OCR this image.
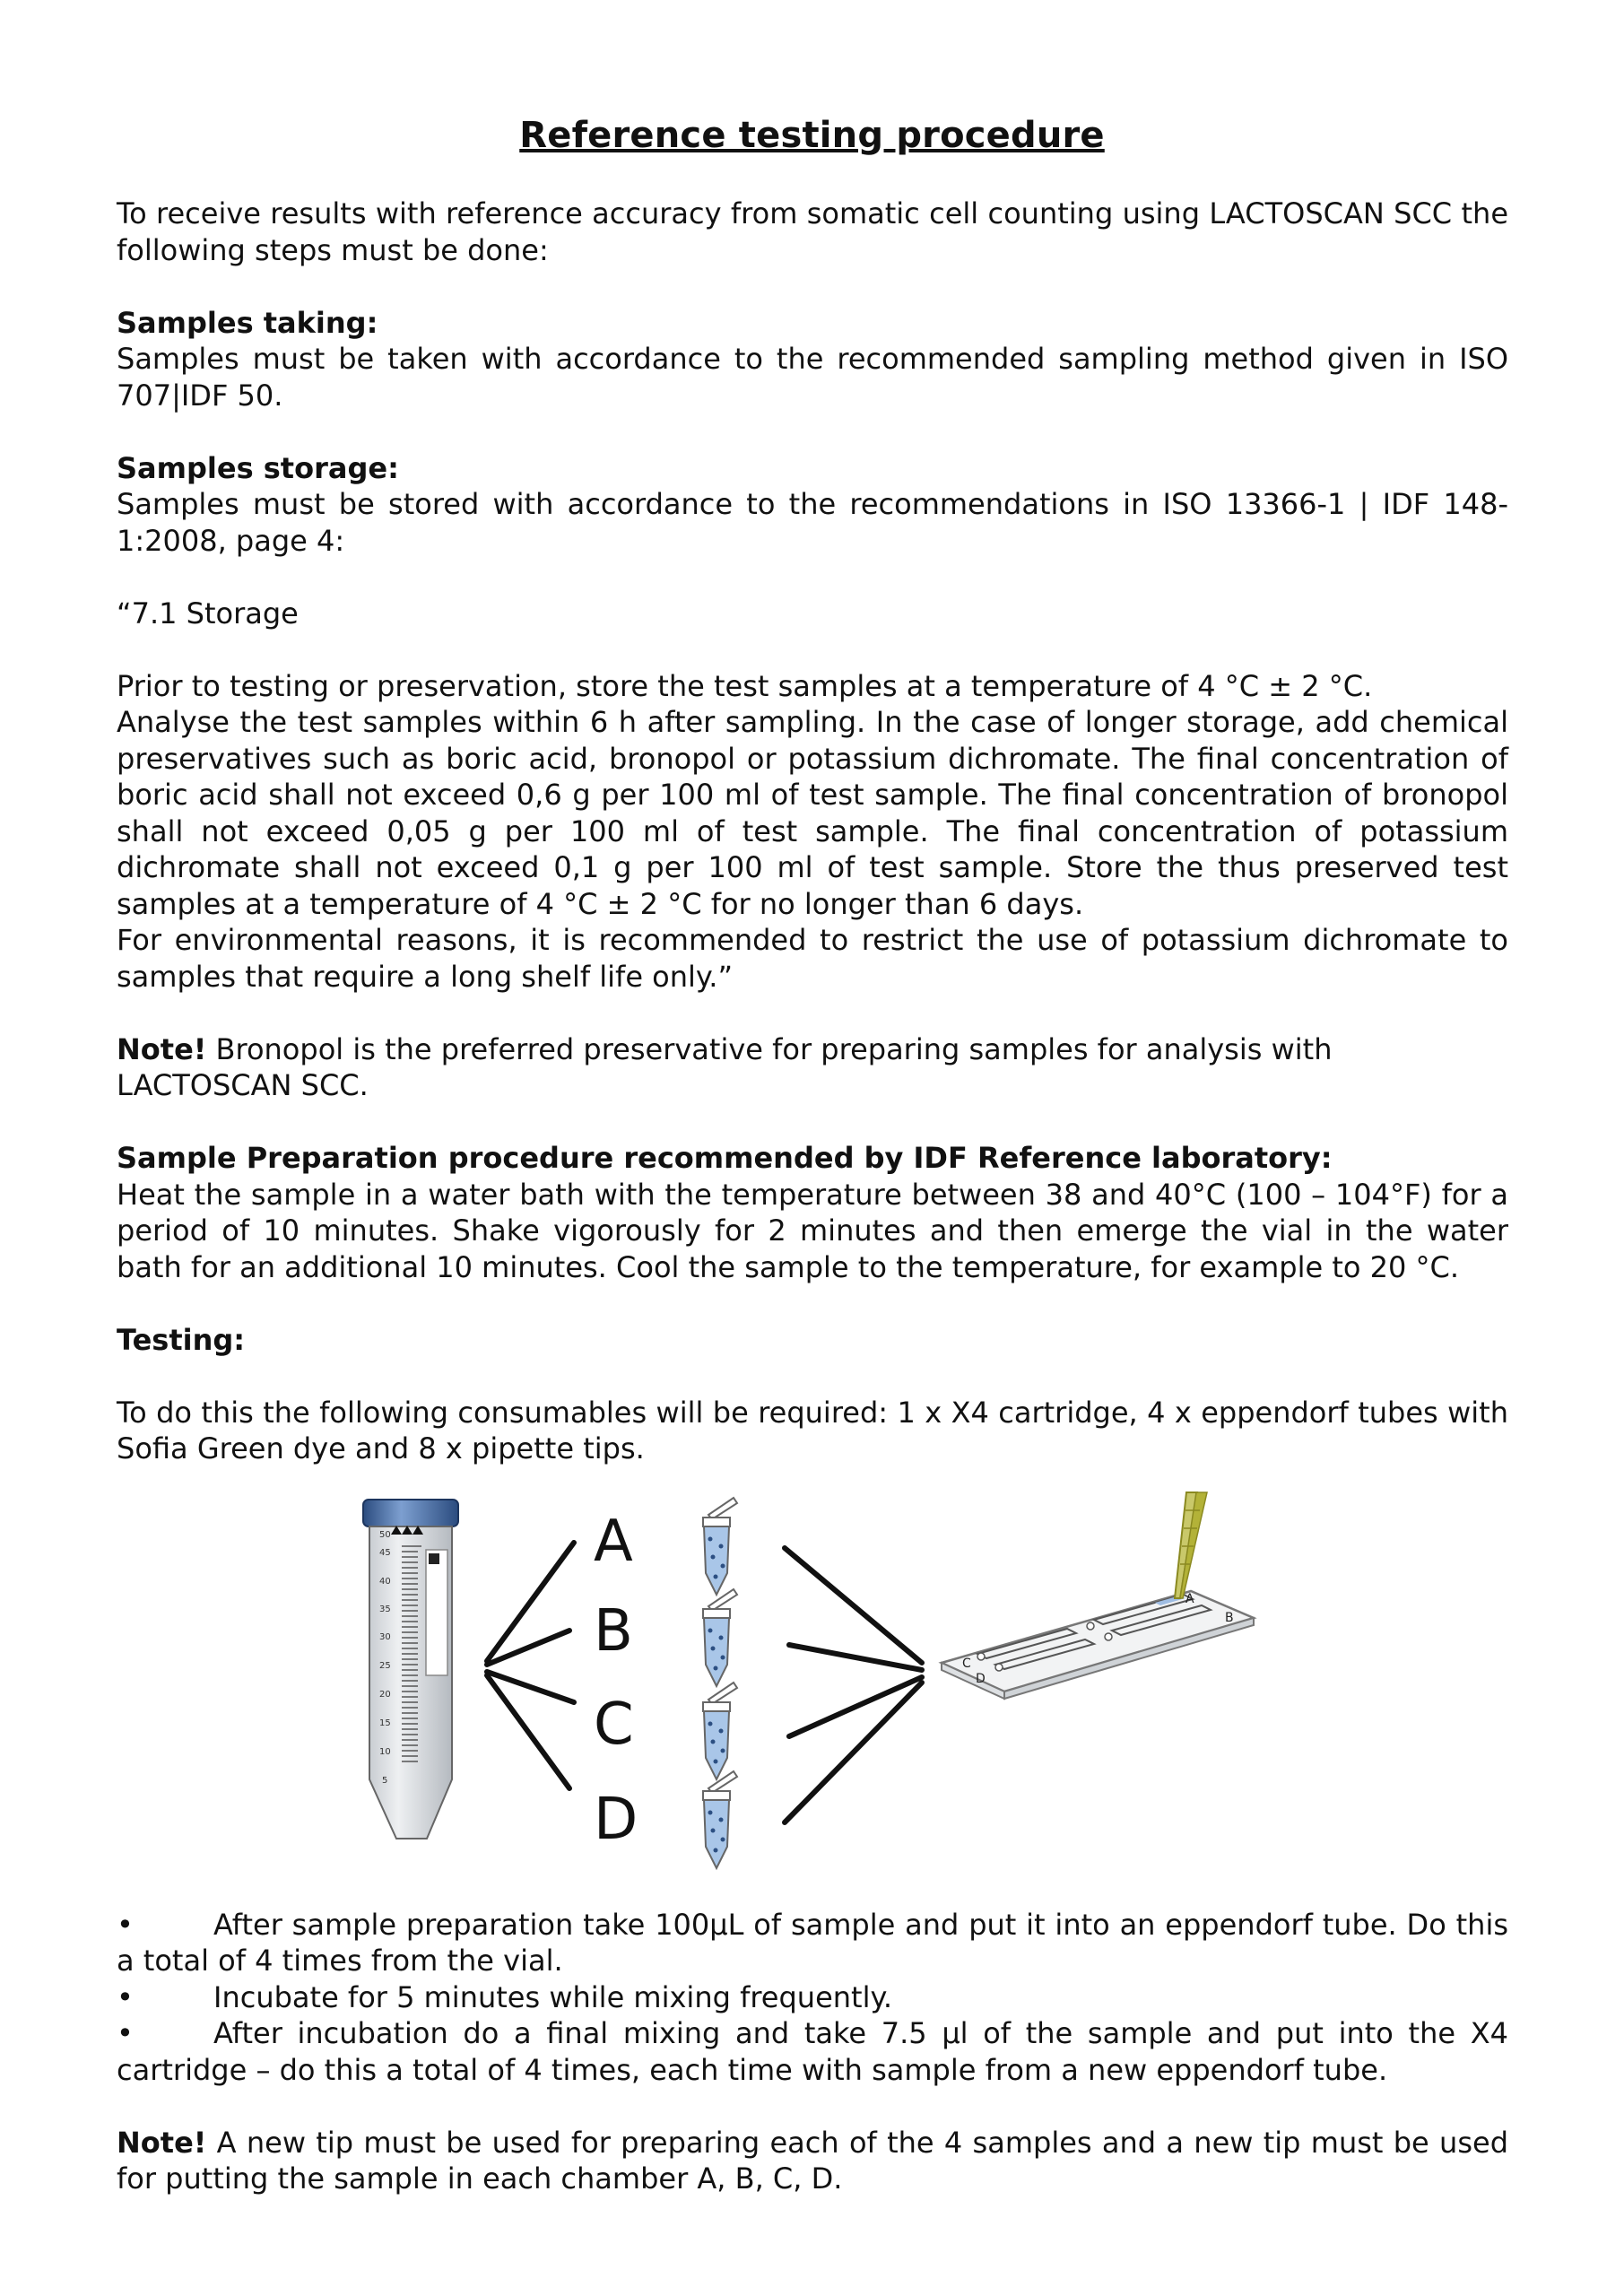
Reference testing procedure

To receive results with reference accuracy from somatic cell counting using LACTOSCAN SCC the following steps must be done:

Samples taking:

Samples must be taken with accordance to the recommended sampling method given in ISO 707|IDF 50.

Samples storage:

Samples must be stored with accordance to the recommendations in ISO 13366-1 | IDF 148-1:2008, page 4:

“7.1 Storage

Prior to testing or preservation, store the test samples at a temperature of 4 °C ± 2 °C.

Analyse the test samples within 6 h after sampling. In the case of longer storage, add chemical preservatives such as boric acid, bronopol or potassium dichromate. The final concentration of boric acid shall not exceed 0,6 g per 100 ml of test sample. The final concentration of bronopol shall not exceed 0,05 g per 100 ml of test sample. The final concentration of potassium dichromate shall not exceed 0,1 g per 100 ml of test sample. Store the thus preserved test samples at a temperature of 4 °C ± 2 °C for no longer than 6 days.

For environmental reasons, it is recommended to restrict the use of potassium dichromate to samples that require a long shelf life only.”

Note! Bronopol is the preferred preservative for preparing samples for analysis with LACTOSCAN SCC.

Sample Preparation procedure recommended by IDF Reference laboratory:

Heat the sample in a water bath with the temperature between 38 and 40°C (100 – 104°F) for a period of 10 minutes. Shake vigorously for 2 minutes and then emerge the vial in the water bath for an additional 10 minutes. Cool the sample to the temperature, for example to 20 °C.

Testing:

To do this the following consumables will be required: 1 x X4 cartridge, 4 x eppendorf tubes with Sofia Green dye and 8 x pipette tips.

50
45
40
35
30
25
20
15
10
5
A
B
C
D
A
B
C
D
•	After sample preparation take 100µL of sample and put it into an eppendorf tube. Do this a total of 4 times from the vial.

•	Incubate for 5 minutes while mixing frequently.

•	After incubation do a final mixing and take 7.5 µl of the sample and put into the X4 cartridge – do this a total of 4 times, each time with sample from a new eppendorf tube.

Note! A new tip must be used for preparing each of the 4 samples and a new tip must be used for putting the sample in each chamber A, B, C, D.
